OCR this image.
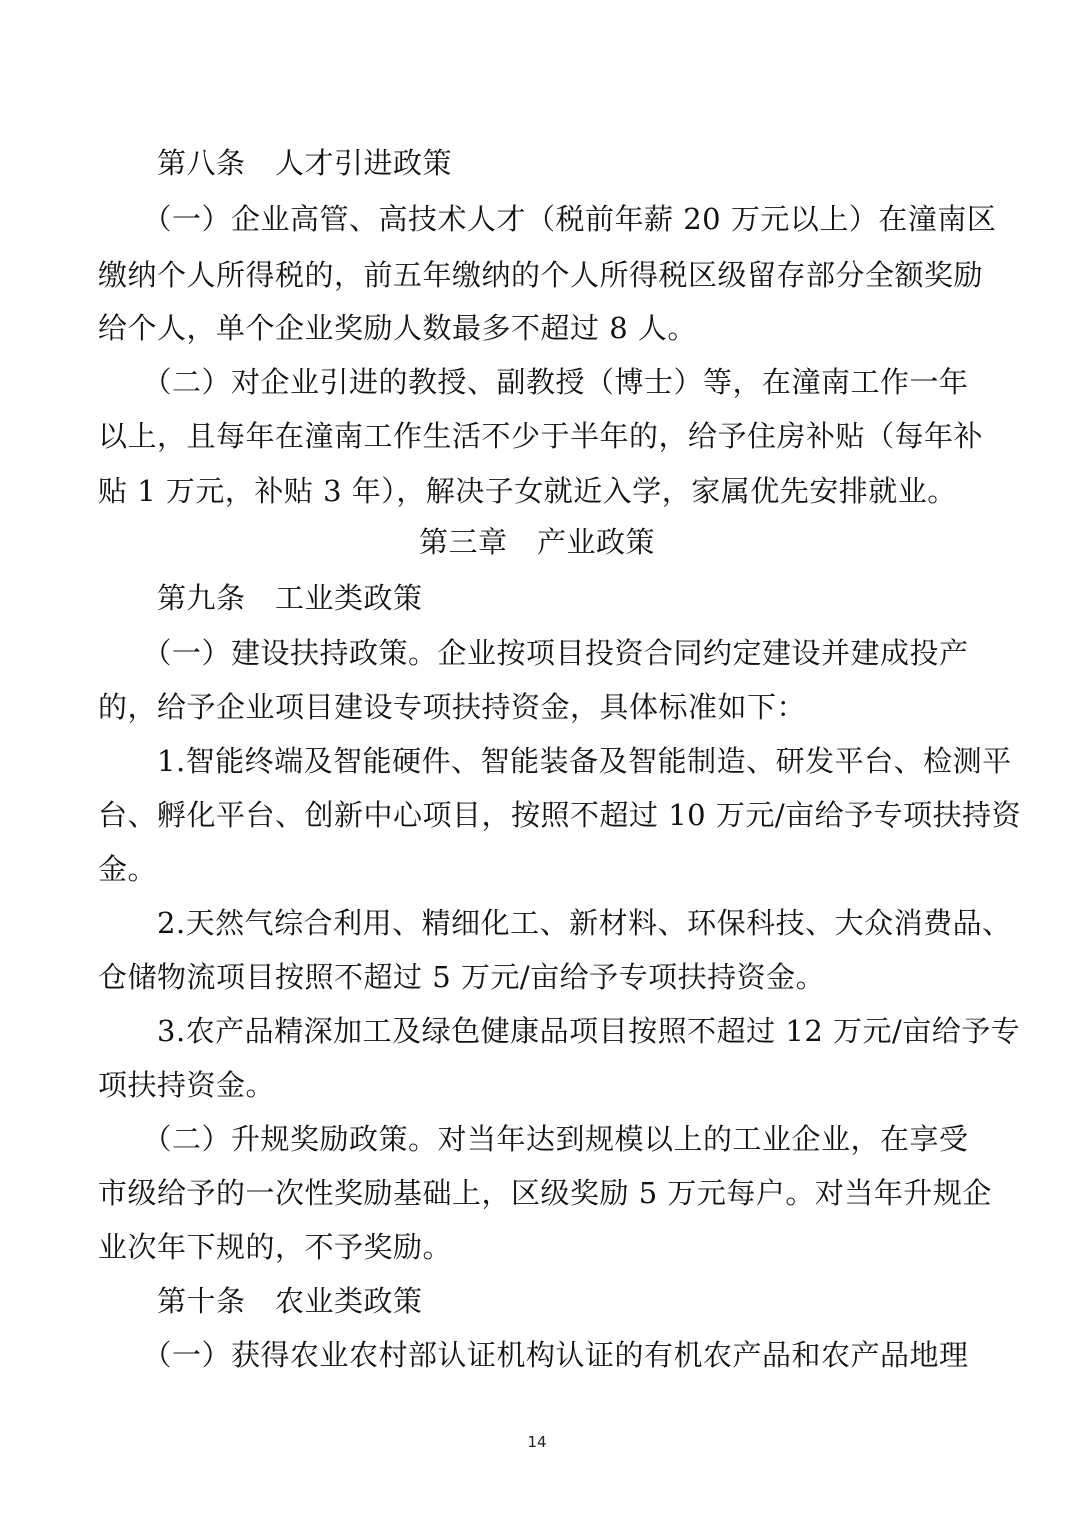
　　第八条　人才引进政策
　　（一）企业高管、高技术人才（税前年薪 20 万元以上）在潼南区
缴纳个人所得税的，前五年缴纳的个人所得税区级留存部分全额奖励
给个人，单个企业奖励人数最多不超过 8 人。
　　（二）对企业引进的教授、副教授（博士）等，在潼南工作一年
以上，且每年在潼南工作生活不少于半年的，给予住房补贴（每年补
贴 1 万元，补贴 3 年），解决子女就近入学，家属优先安排就业。
第三章　产业政策
　　第九条　工业类政策
　　（一）建设扶持政策。企业按项目投资合同约定建设并建成投产
的，给予企业项目建设专项扶持资金，具体标准如下：
　　1.智能终端及智能硬件、智能装备及智能制造、研发平台、检测平
台、孵化平台、创新中心项目，按照不超过 10 万元/亩给予专项扶持资
金。
　　2.天然气综合利用、精细化工、新材料、环保科技、大众消费品、
仓储物流项目按照不超过 5 万元/亩给予专项扶持资金。
　　3.农产品精深加工及绿色健康品项目按照不超过 12 万元/亩给予专
项扶持资金。
　　（二）升规奖励政策。对当年达到规模以上的工业企业，在享受
市级给予的一次性奖励基础上，区级奖励 5 万元每户。对当年升规企
业次年下规的，不予奖励。
　　第十条　农业类政策
　　（一）获得农业农村部认证机构认证的有机农产品和农产品地理
14
